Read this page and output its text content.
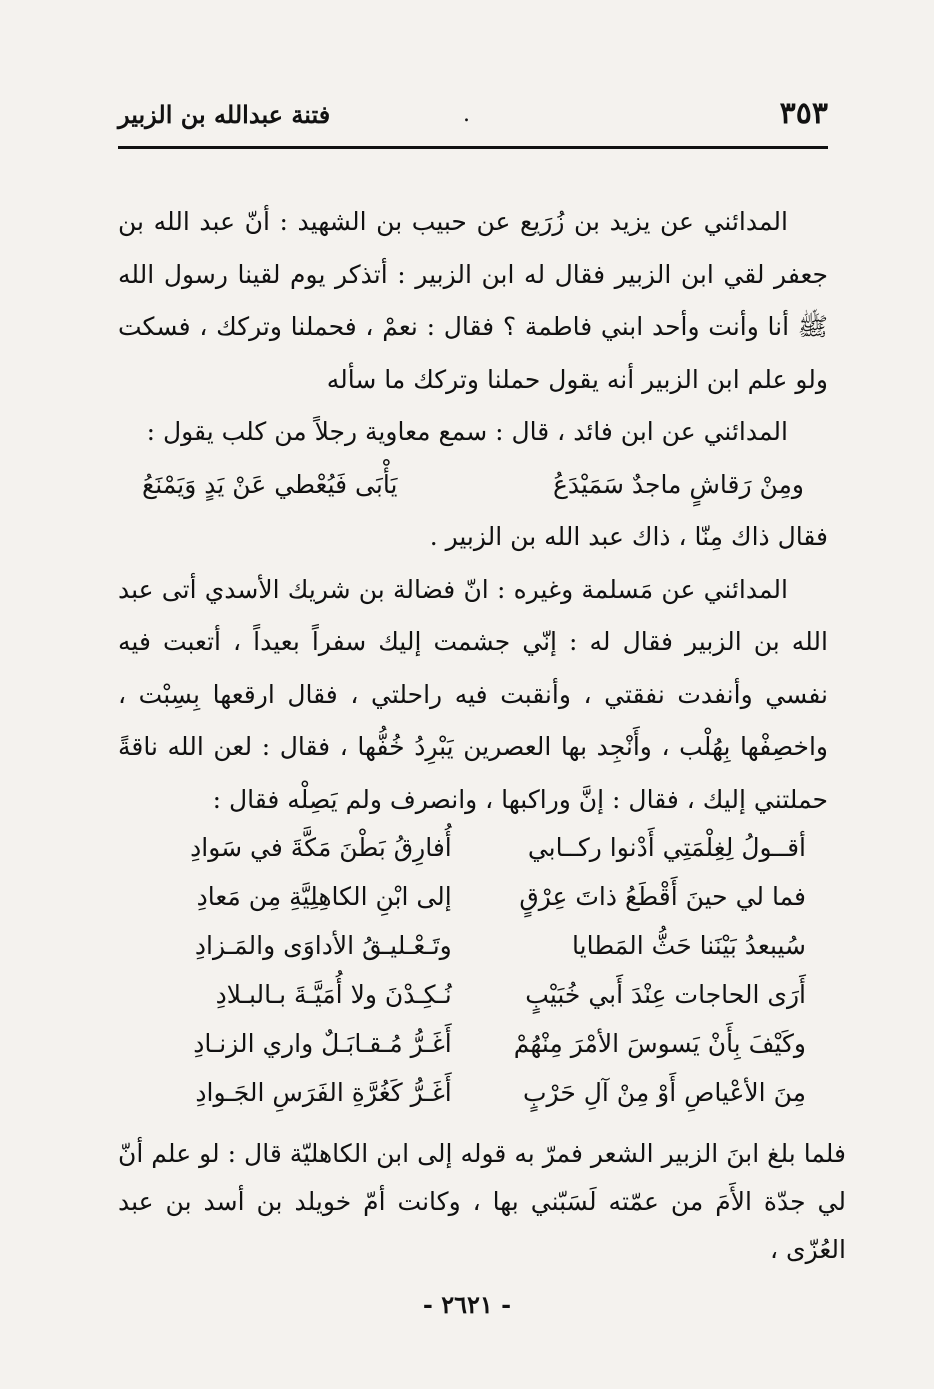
٣٥٣
.
فتنة عبدالله بن الزبير

المدائني عن يزيد بن زُرَيع عن حبيب بن الشهيد : أنّ عبد الله بن جعفر لقي ابن الزبير فقال له ابن الزبير : أتذكر يوم لقينا رسول الله ﷺ أنا وأنت وأحد ابني فاطمة ؟ فقال : نعمْ ، فحملنا وتركك ، فسكت ولو علم ابن الزبير أنه يقول حملنا وتركك ما سأله

المدائني عن ابن فائد ، قال : سمع معاوية رجلاً من كلب يقول :

ومِنْ رَقاشٍ ماجدٌ سَمَيْدَعُ
يَأْبَى فَيُعْطي عَنْ يَدٍ وَيَمْنَعُ

فقال ذاك مِنّا ، ذاك عبد الله بن الزبير .

المدائني عن مَسلمة وغيره : انّ فضالة بن شريك الأسدي أتى عبد الله بن الزبير فقال له : إنّي جشمت إليك سفراً بعيداً ، أتعبت فيه نفسي وأنفدت نفقتي ، وأنقبت فيه راحلتي ، فقال ارقعها بِسِبْت ، واخصِفْها بِهُلْب ، وأَنْجِد بها العصرين يَبْرِدُ خُفُّها ، فقال : لعن الله ناقةً حملتني إليك ، فقال : إنَّ وراكبها ، وانصرف ولم يَصِلْه فقال :

أقــولُ لِغِلْمَتِي أَدْنوا ركــابي
أُفارِقُ بَطْنَ مَكَّةَ في سَوادِ
فما لي حينَ أَقْطَعُ ذاتَ عِرْقٍ
إلى ابْنِ الكاهِلِيَّةِ مِن مَعادِ
سُيبعدُ بَيْنَنا حَثُّ المَطايا
وتَـعْـليـقُ الأداوَى والمَـزادِ
أَرَى الحاجات عِنْدَ أَبي خُبَيْبٍ
نُـكِـدْنَ ولا أُمَيَّـةَ بـالبـلادِ
وكَيْفَ بِأَنْ يَسوسَ الأمْرَ مِنْهُمْ
أَغَـرُّ مُـقـابَـلٌ واري الزنـادِ
مِنَ الأعْياصِ أَوْ مِنْ آلِ حَرْبٍ
أَغَـرُّ كَغُرَّةِ الفَرَسِ الجَـوادِ

فلما بلغ ابنَ الزبير الشعر فمرّ به قوله إلى ابن الكاهليّة قال : لو علم أنّ لي جدّة الأَمَ من عمّته لَسَبّني بها ، وكانت أمّ خويلد بن أسد بن عبد العُزّى ،

- ٢٦٢١ -
